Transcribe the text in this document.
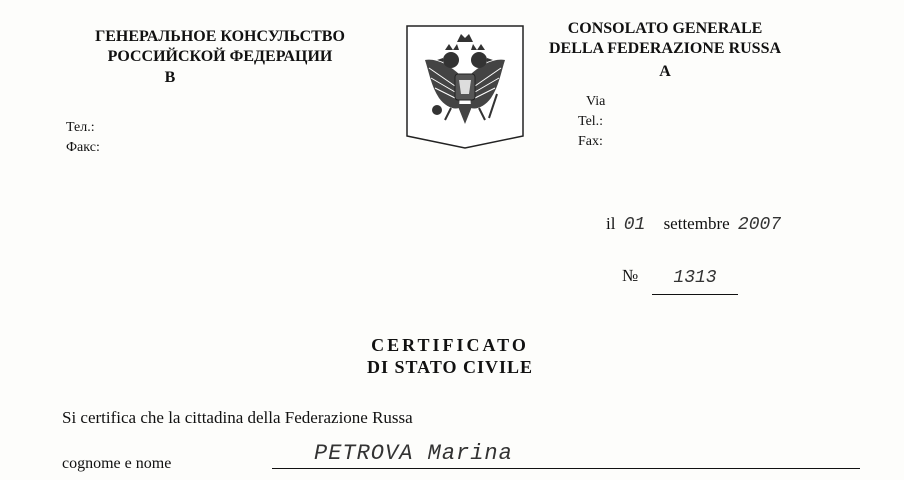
ГЕНЕРАЛЬНОЕ КОНСУЛЬСТВО
РОССИЙСКОЙ ФЕДЕРАЦИИ
В
Тел.:
Факс:
CONSOLATO GENERALE
DELLA FEDERAZIONE RUSSA
A
Via
Tel.:
Fax:
il 01 settembre 2007
№	1313
CERTIFICATO
DI STATO CIVILE
Si certifica che la cittadina della Federazione Russa
cognome e nome	PETROVA Marina
